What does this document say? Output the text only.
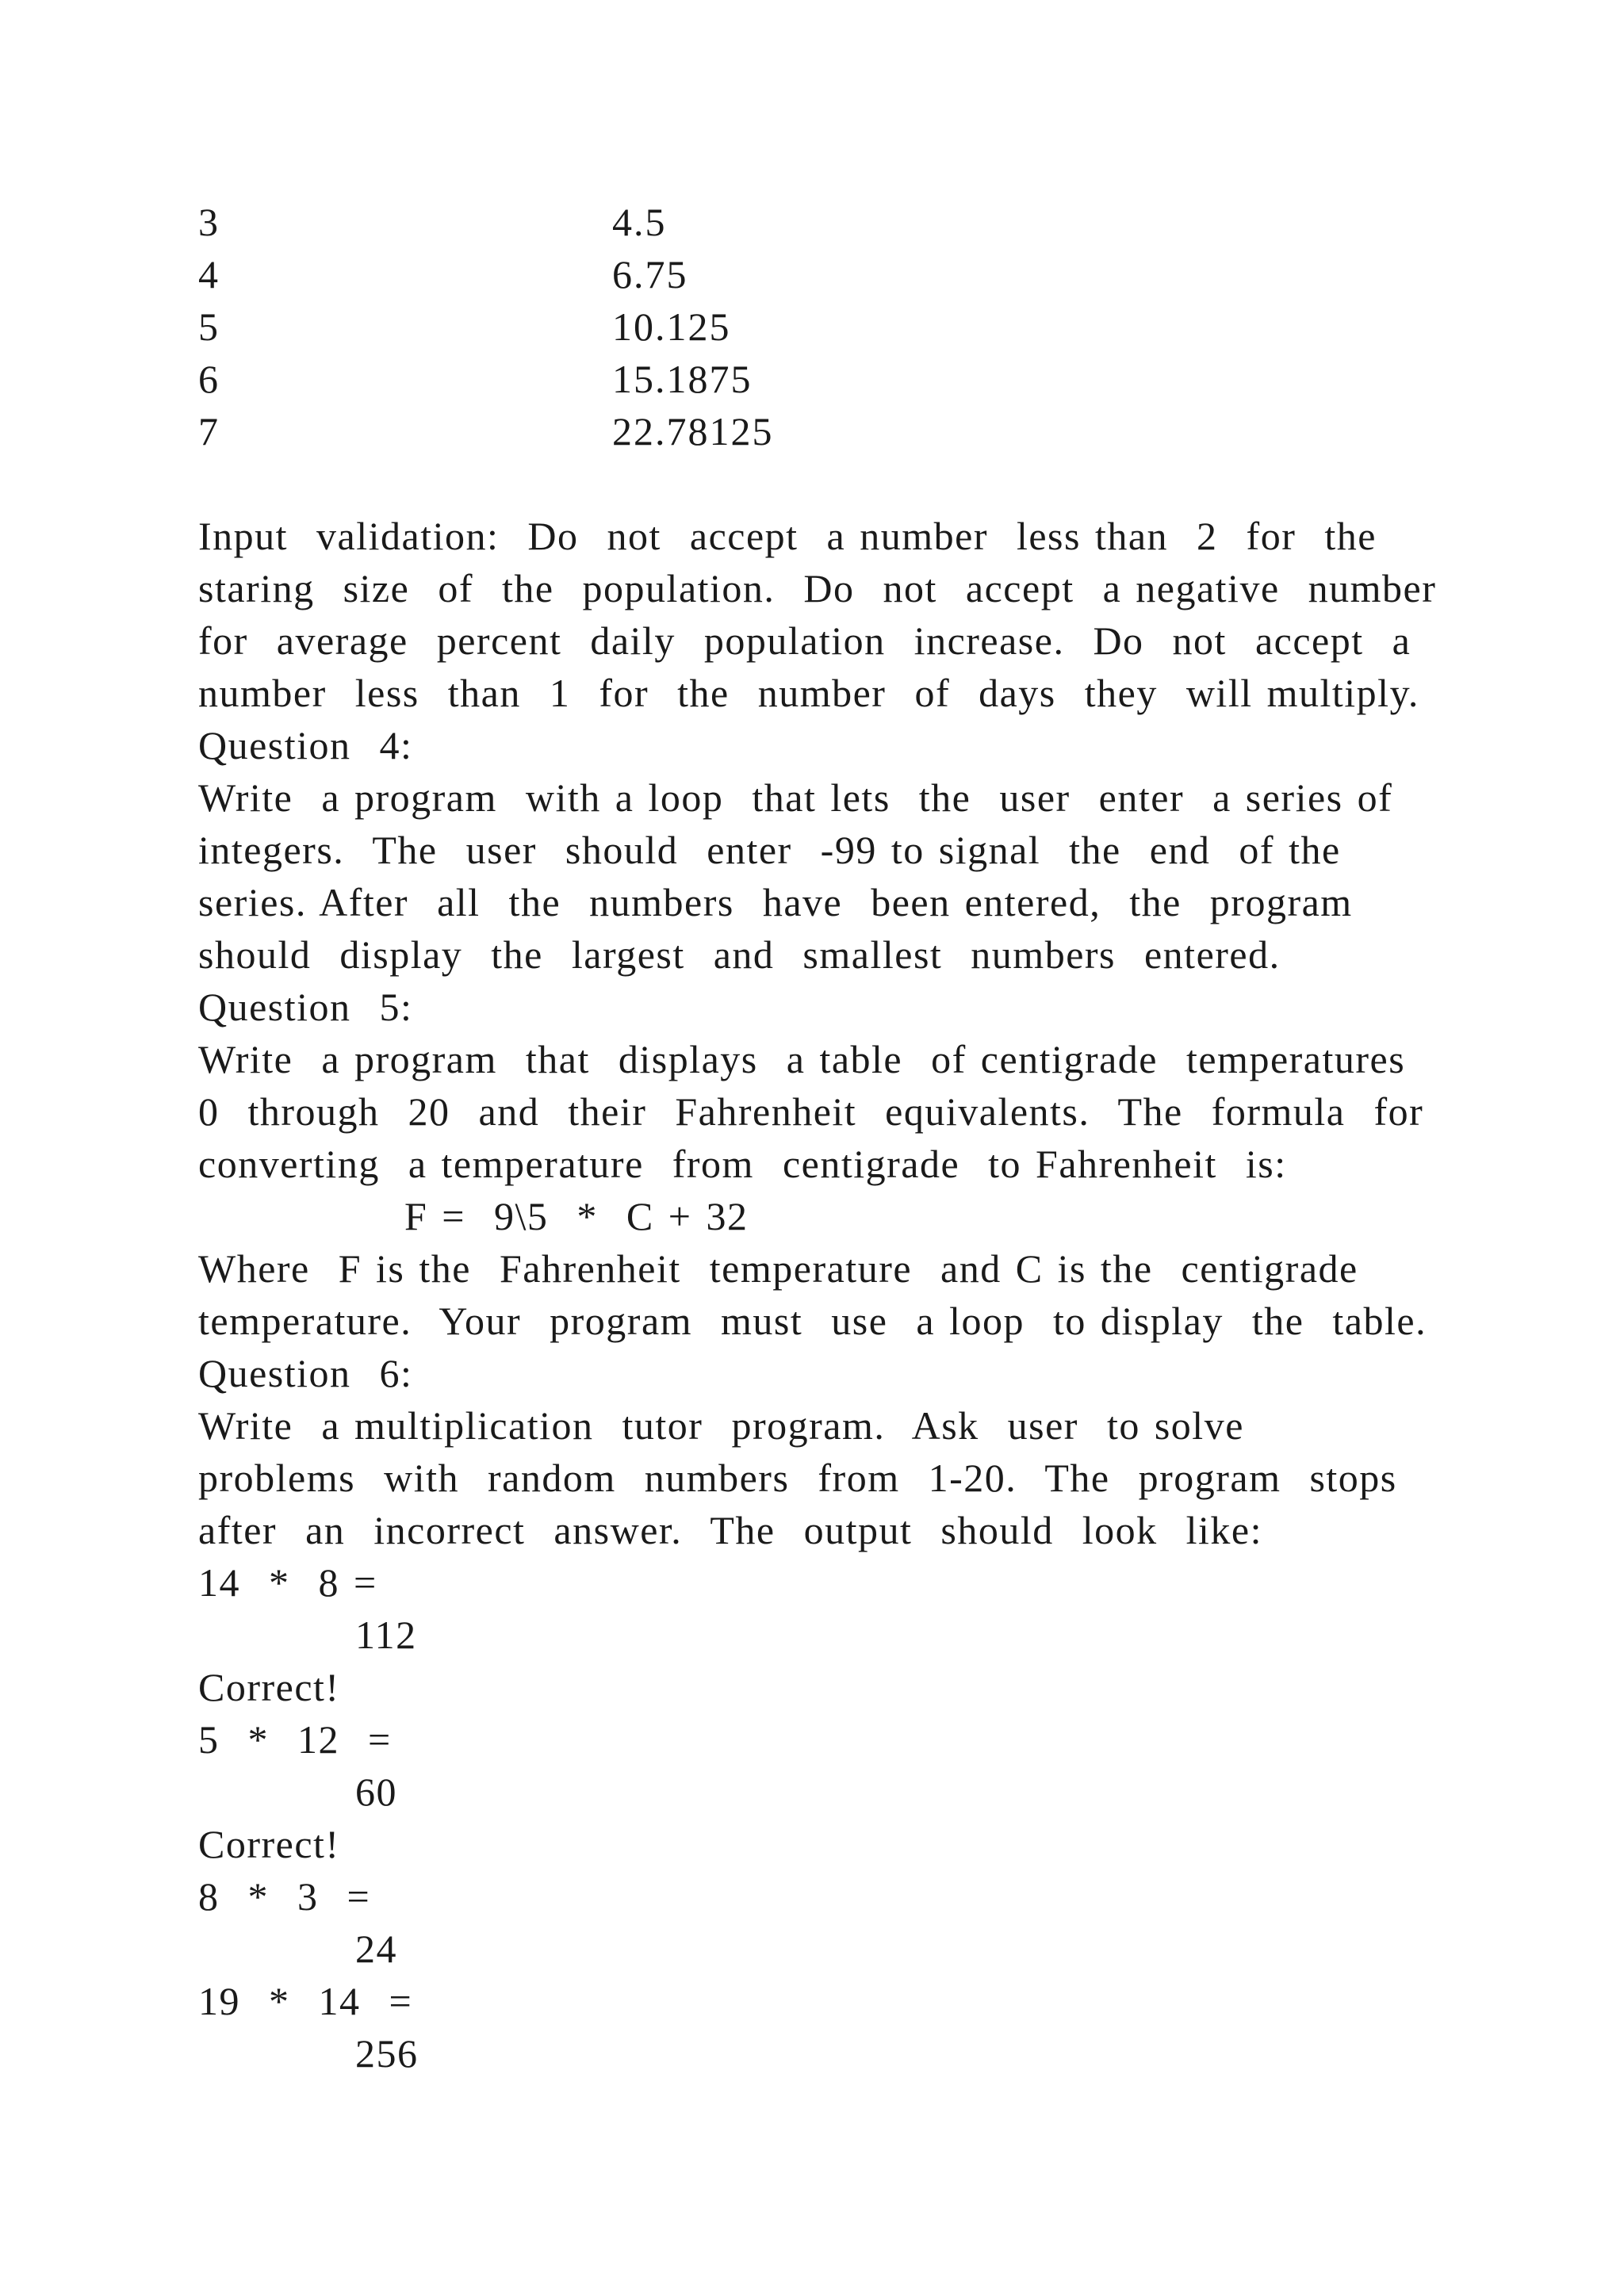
3	4.5
4	6.75
5	10.125
6	15.1875
7	22.78125
Input  validation:  Do  not  accept  a number  less than  2  for  the
staring  size  of  the  population.  Do  not  accept  a negative  number
for  average  percent  daily  population  increase.  Do  not  accept  a
number  less  than  1  for  the  number  of  days  they  will multiply.
Question  4:
Write  a program  with a loop  that lets  the  user  enter  a series of
integers.  The  user  should  enter  -99 to signal  the  end  of the
series. After  all  the  numbers  have  been entered,  the  program
should  display  the  largest  and  smallest  numbers  entered.
Question  5:
Write  a program  that  displays  a table  of centigrade  temperatures
0  through  20  and  their  Fahrenheit  equivalents.  The  formula  for
converting  a temperature  from  centigrade  to Fahrenheit  is:
F =  9\5  *  C + 32
Where  F is the  Fahrenheit  temperature  and C is the  centigrade
temperature.  Your  program  must  use  a loop  to display  the  table.
Question  6:
Write  a multiplication  tutor  program.  Ask  user  to solve
problems  with  random  numbers  from  1-20.  The  program  stops
after  an  incorrect  answer.  The  output  should  look  like:
14  *  8 =
112
Correct!
5  *  12  =
60
Correct!
8  *  3  =
24
19  *  14  =
256
